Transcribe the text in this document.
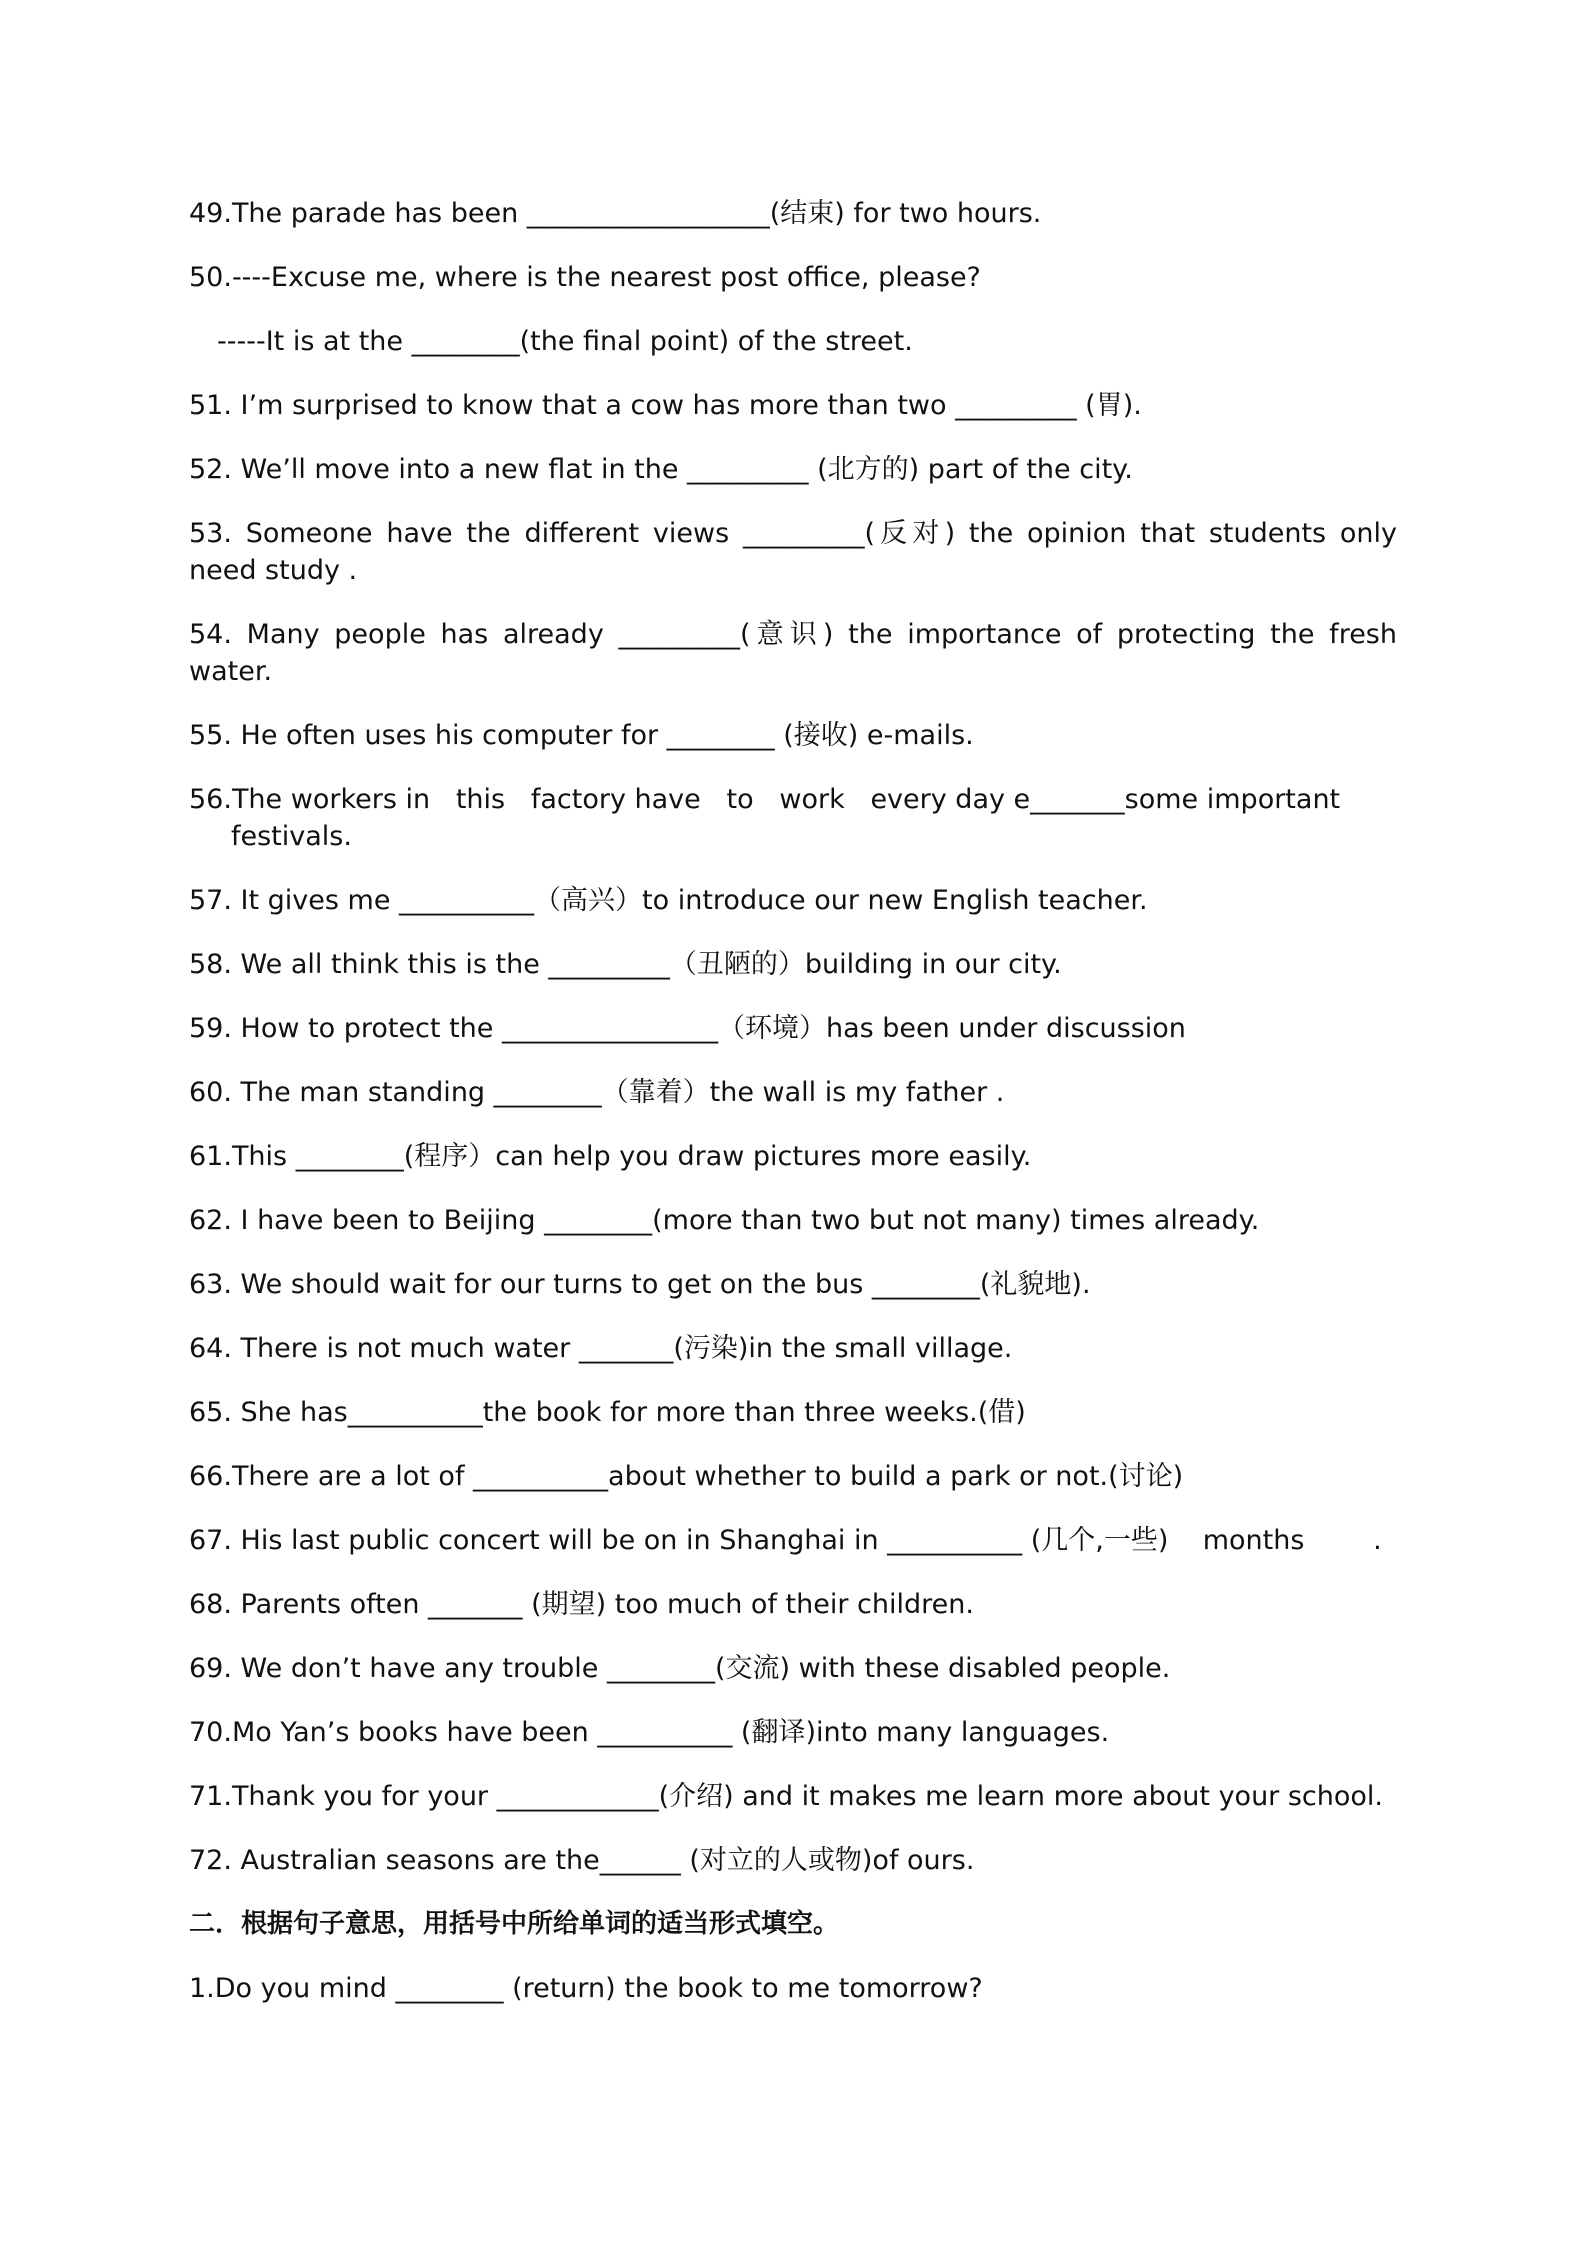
49.The parade has been __________________(结束) for two hours.

50.----Excuse me, where is the nearest post office, please?

-----It is at the ________(the final point) of the street.

51. I’m surprised to know that a cow has more than two _________ (胃).

52. We’ll move into a new flat in the _________ (北方的) part of the city.

53. Someone have the different views _________(反对) the opinion that students only need study .

54. Many people has already _________(意识) the importance of protecting the fresh water.

55. He often uses his computer for ________ (接收) e-mails.

56.The workers in   this   factory have   to   work   every day e_______some important
festivals.

57. It gives me __________（高兴）to introduce our new English teacher.

58. We all think this is the _________（丑陋的）building in our city.

59. How to protect the ________________（环境）has been under discussion

60. The man standing ________（靠着）the wall is my father .

61.This ________(程序）can help you draw pictures more easily.

62. I have been to Beijing ________(more than two but not many) times already.

63. We should wait for our turns to get on the bus ________(礼貌地).

64. There is not much water _______(污染)in the small village.

65. She has__________the book for more than three weeks.(借)

66.There are a lot of __________about whether to build a park or not.(讨论)

67. His last public concert will be on in Shanghai in __________ (几个,一些)    months        .

68. Parents often _______ (期望) too much of their children.

69. We don’t have any trouble ________(交流) with these disabled people.

70.Mo Yan’s books have been __________ (翻译)into many languages.

71.Thank you for your ____________(介绍) and it makes me learn more about your school.

72. Australian seasons are the______ (对立的人或物)of ours.

二．根据句子意思，用括号中所给单词的适当形式填空。

1.Do you mind ________ (return) the book to me tomorrow?
